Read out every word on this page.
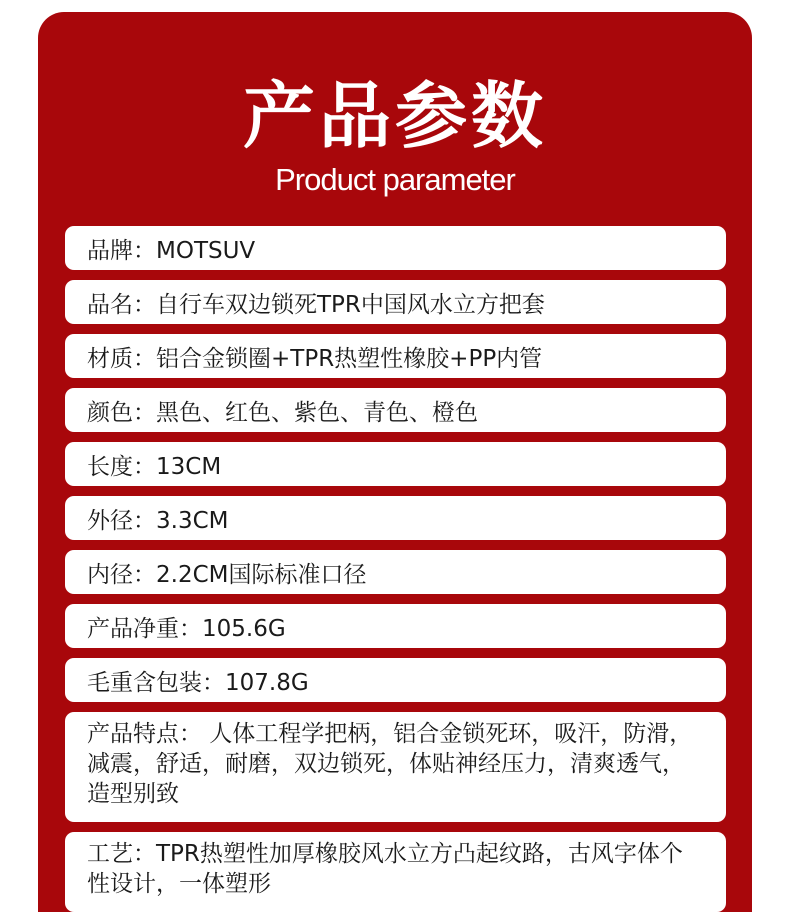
产品参数
Product parameter
品牌：MOTSUV
品名：自行车双边锁死TPR中国风水立方把套
材质：铝合金锁圈+TPR热塑性橡胶+PP内管
颜色：黑色、红色、紫色、青色、橙色
长度：13CM
外径：3.3CM
内径：2.2CM国际标准口径
产品净重：105.6G
毛重含包装：107.8G
产品特点： 人体工程学把柄，铝合金锁死环，吸汗，防滑，减震，舒适，耐磨，双边锁死，体贴神经压力，清爽透气，造型别致
工艺：TPR热塑性加厚橡胶风水立方凸起纹路，古风字体个性设计，一体塑形
